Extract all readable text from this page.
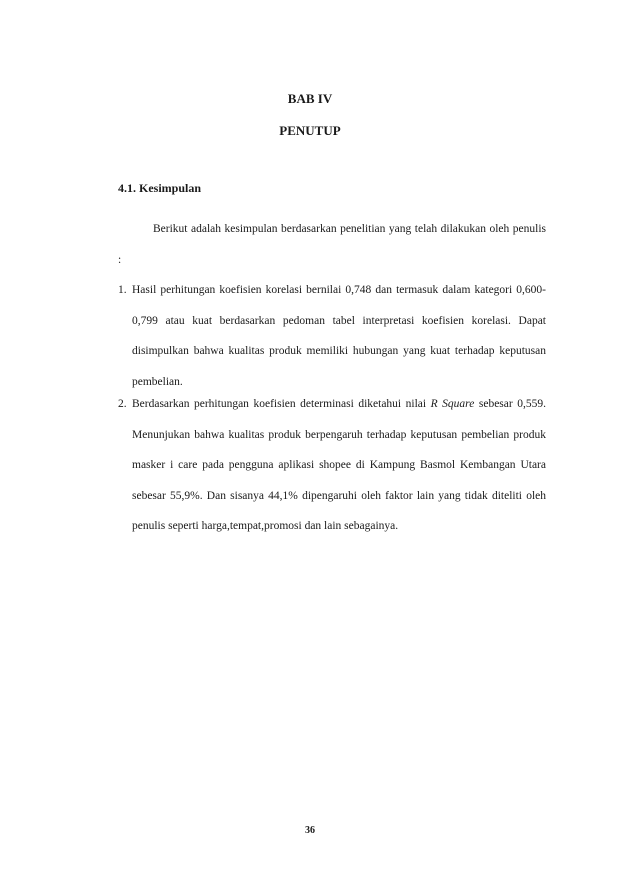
BAB IV
PENUTUP
4.1. Kesimpulan
Berikut adalah kesimpulan berdasarkan penelitian yang telah dilakukan oleh penulis :
1. Hasil perhitungan koefisien korelasi bernilai 0,748 dan termasuk dalam kategori 0,600-0,799 atau kuat berdasarkan pedoman tabel interpretasi koefisien korelasi. Dapat disimpulkan bahwa kualitas produk memiliki hubungan yang kuat terhadap keputusan pembelian.
2. Berdasarkan perhitungan koefisien determinasi diketahui nilai R Square sebesar 0,559. Menunjukan bahwa kualitas produk berpengaruh terhadap keputusan pembelian produk masker i care pada pengguna aplikasi shopee di Kampung Basmol Kembangan Utara sebesar 55,9%. Dan sisanya 44,1% dipengaruhi oleh faktor lain yang tidak diteliti oleh penulis seperti harga,tempat,promosi dan lain sebagainya.
36
